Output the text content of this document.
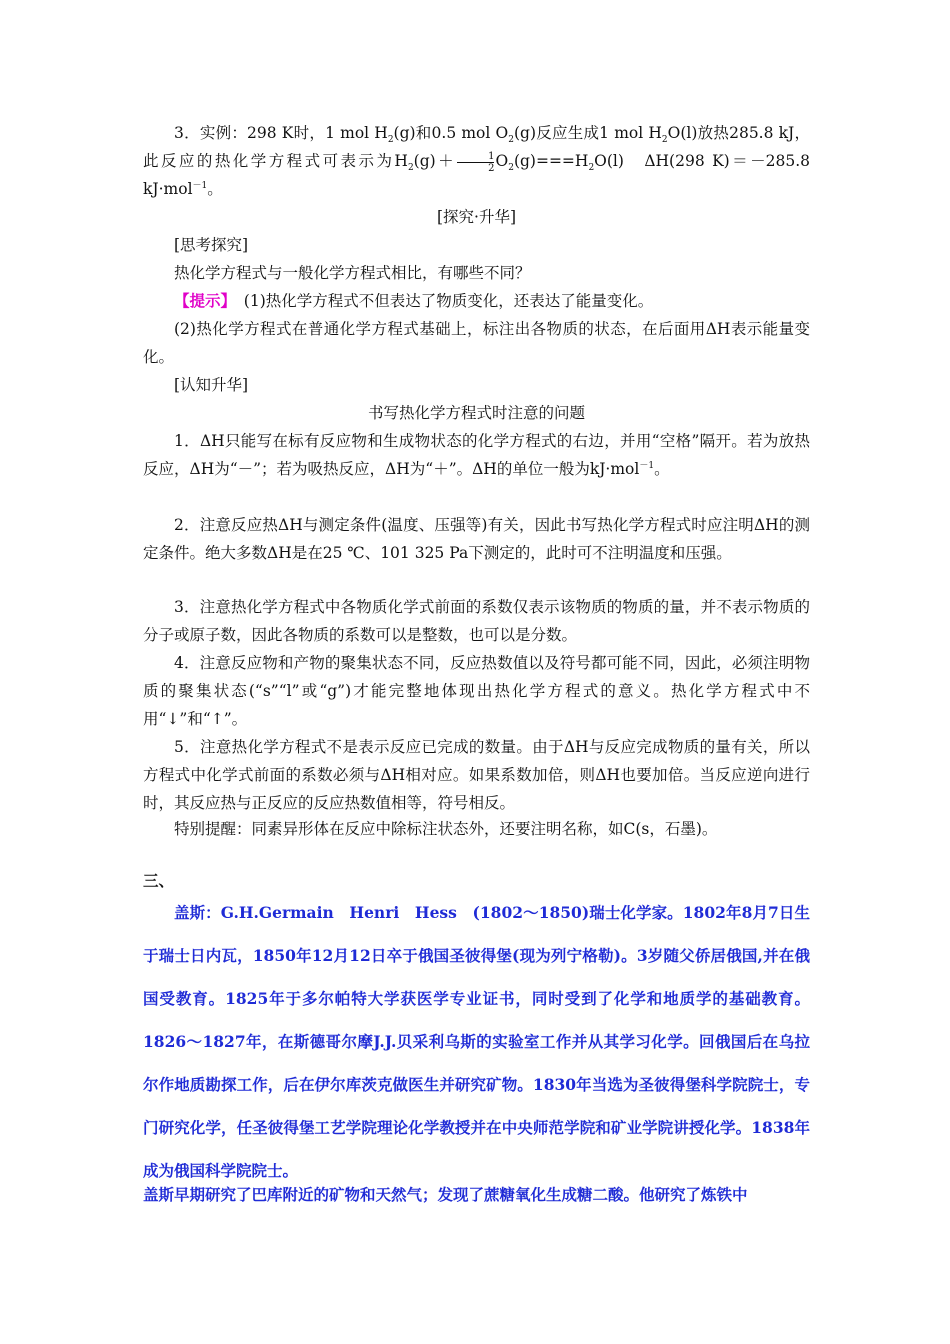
3．实例：298 K时，1 mol $H_2(g)$和0.5 mol $O_2(g)$反应生成1 mol $H_2O(l)$放热285.8 kJ，此反应的热化学方程式可表示为$H_2(g)+ \frac{1}{2} O_2(g)===H_2O(l)$　ΔH(298 K)＝－285.8 kJ·mol$^{-1}$。

[探究·升华]

[思考探究]

热化学方程式与一般化学方程式相比，有哪些不同？

【提示】　 (1)热化学方程式不但表达了物质变化，还表达了能量变化。

(2)热化学方程式在普通化学方程式基础上，标注出各物质的状态，在后面用ΔH表示能量变化。

[认知升华]

书写热化学方程式时注意的问题

1．ΔH只能写在标有反应物和生成物状态的化学方程式的右边，并用“空格”隔开。若为放热反应，ΔH为“－”；若为吸热反应，ΔH为“＋”。ΔH的单位一般为kJ·mol$^{-1}$。

2．注意反应热ΔH与测定条件(温度、压强等)有关，因此书写热化学方程式时应注明ΔH的测定条件。绝大多数ΔH是在25 ℃、101 325 Pa下测定的，此时可不注明温度和压强。

3．注意热化学方程式中各物质化学式前面的系数仅表示该物质的物质的量，并不表示物质的分子或原子数，因此各物质的系数可以是整数，也可以是分数。

4．注意反应物和产物的聚集状态不同，反应热数值以及符号都可能不同，因此，必须注明物质的聚集状态(“s”“l”或“g”)才能完整地体现出热化学方程式的意义。热化学方程式中不用“↓”和“↑”。

5．注意热化学方程式不是表示反应已完成的数量。由于ΔH与反应完成物质的量有关，所以方程式中化学式前面的系数必须与ΔH相对应。如果系数加倍，则ΔH也要加倍。当反应逆向进行时，其反应热与正反应的反应热数值相等，符号相反。

特别提醒：同素异形体在反应中除标注状态外，还要注明名称，如C(s，石墨)。

三、

盖斯：G.H.Germain　Henri　Hess　(1802～1850)瑞士化学家。1802年8月7日生于瑞士日内瓦，1850年12月12日卒于俄国圣彼得堡(现为列宁格勒)。3岁随父侨居俄国,并在俄国受教育。1825年于多尔帕特大学获医学专业证书，同时受到了化学和地质学的基础教育。1826～1827年，在斯德哥尔摩J.J.贝采利乌斯的实验室工作并从其学习化学。回俄国后在乌拉尔作地质勘探工作，后在伊尔库茨克做医生并研究矿物。1830年当选为圣彼得堡科学院院士，专门研究化学，任圣彼得堡工艺学院理论化学教授并在中央师范学院和矿业学院讲授化学。1838年成为俄国科学院院士。

盖斯早期研究了巴库附近的矿物和天然气；发现了蔗糖氧化生成糖二酸。他研究了炼铁中
